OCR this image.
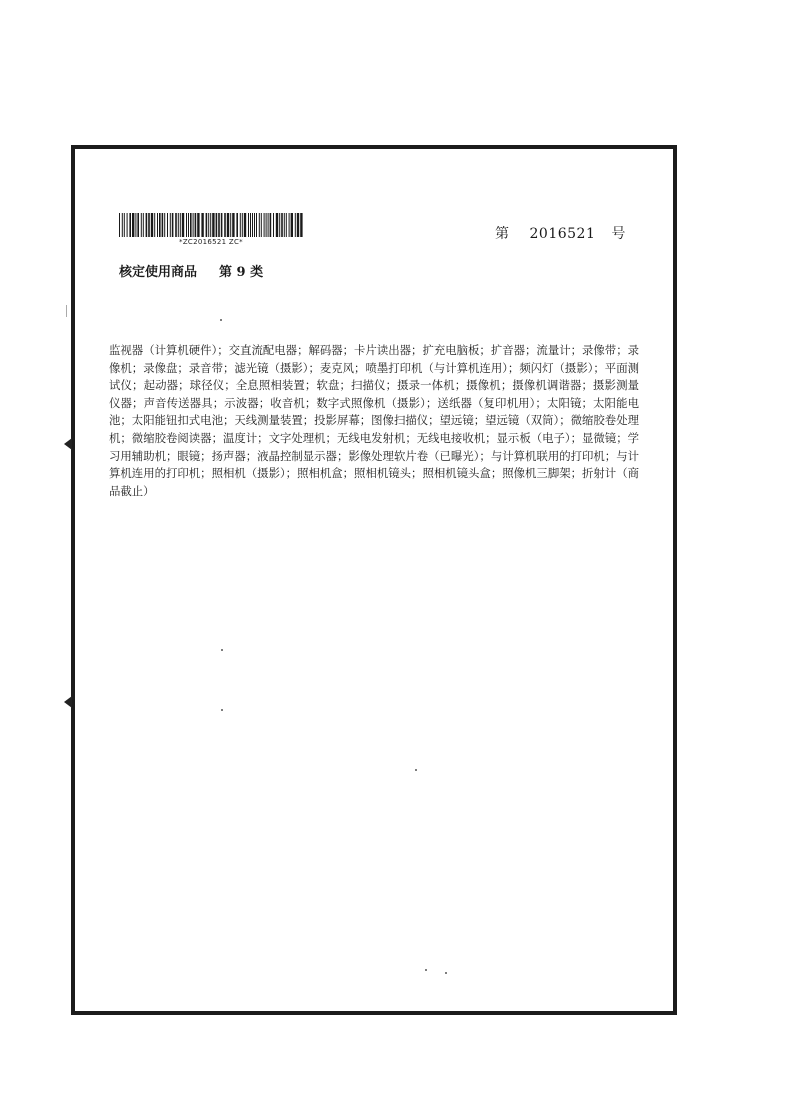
*ZC2016521 ZC*	第 2016521 号
核定使用商品 第 9 类
监视器（计算机硬件）；交直流配电器；解码器；卡片读出器；扩充电脑板；扩音器；流量计；录像带；录像机；录像盘；录音带；滤光镜（摄影）；麦克风；喷墨打印机（与计算机连用）；频闪灯（摄影）；平面测试仪；起动器；球径仪；全息照相装置；软盘；扫描仪；摄录一体机；摄像机；摄像机调谐器；摄影测量仪器；声音传送器具；示波器；收音机；数字式照像机（摄影）；送纸器（复印机用）；太阳镜；太阳能电池；太阳能钮扣式电池；天线测量装置；投影屏幕；图像扫描仪；望远镜；望远镜（双筒）；微缩胶卷处理机；微缩胶卷阅读器；温度计；文字处理机；无线电发射机；无线电接收机；显示板（电子）；显微镜；学习用辅助机；眼镜；扬声器；液晶控制显示器；影像处理软片卷（已曝光）；与计算机联用的打印机；与计算机连用的打印机；照相机（摄影）；照相机盒；照相机镜头；照相机镜头盒；照像机三脚架；折射计（商品截止）
